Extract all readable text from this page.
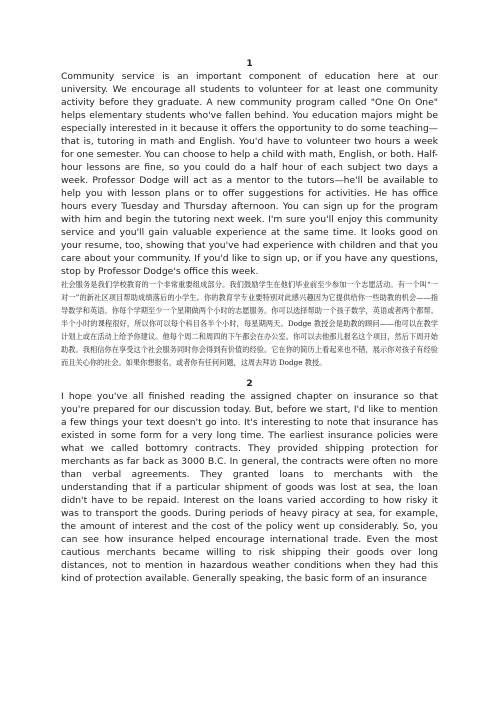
1

Community service is an important component of education here at our university. We encourage all students to volunteer for at least one community activity before they graduate. A new community program called "One On One" helps elementary students who've fallen behind. You education majors might be especially interested in it because it offers the opportunity to do some teaching—that is, tutoring in math and English. You'd have to volunteer two hours a week for one semester. You can choose to help a child with math, English, or both. Half-hour lessons are fine, so you could do a half hour of each subject two days a week. Professor Dodge will act as a mentor to the tutors—he'll be available to help you with lesson plans or to offer suggestions for activities. He has office hours every Tuesday and Thursday afternoon. You can sign up for the program with him and begin the tutoring next week. I'm sure you'll enjoy this community service and you'll gain valuable experience at the same time. It looks good on your resume, too, showing that you've had experience with children and that you care about your community. If you'd like to sign up, or if you have any questions, stop by Professor Dodge's office this week.

社会服务是我们学校教育的一个非常重要组成部分。我们鼓励学生在他们毕业前至少参加一个志愿活动。有一个叫“一对一”的新社区项目帮助成绩落后的小学生。你的教育学专业要特别对此感兴趣因为它提供给你一些助教的机会——指导数学和英语。你每个学期至少一个星期做两个小时的志愿服务。你可以选择帮助一个孩子数学，英语或者两个都帮。半个小时的课程很好，所以你可以每个科目各半个小时，每星期两天。Dodge 教授会是助教的顾问——他可以在教学计划上或在活动上给予你建议。他每个周二和周四的下午都会在办公室。你可以去他那儿报名这个项目，然后下周开始助教。我相信你在享受这个社会服务同时你会得到有价值的经验。它在你的简历上看起来也不错，展示你对孩子有经验而且关心你的社会。如果你想报名，或者你有任何问题，这周去拜访 Dodge 教授。

2

I hope you've all finished reading the assigned chapter on insurance so that you're prepared for our discussion today. But, before we start, I'd like to mention a few things your text doesn't go into. It's interesting to note that insurance has existed in some form for a very long time. The earliest insurance policies were what we called bottomry contracts. They provided shipping protection for merchants as far back as 3000 B.C. In general, the contracts were often no more than verbal agreements. They granted loans to merchants with the understanding that if a particular shipment of goods was lost at sea, the loan didn't have to be repaid. Interest on the loans varied according to how risky it was to transport the goods. During periods of heavy piracy at sea, for example, the amount of interest and the cost of the policy went up considerably. So, you can see how insurance helped encourage international trade. Even the most cautious merchants became willing to risk shipping their goods over long distances, not to mention in hazardous weather conditions when they had this kind of protection available. Generally speaking, the basic form of an insurance
